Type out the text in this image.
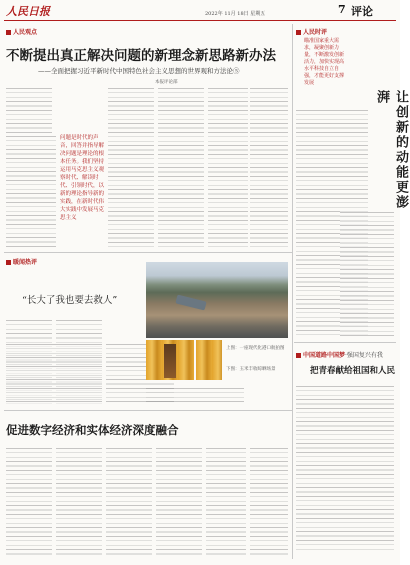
人民日报	2022年 11月 18日 星期五	7 评论
人民观点
不断提出真正解决问题的新理念新思路新办法
——全面把握习近平新时代中国特色社会主义思想的世界观和方法论⑤
本报评论部
问题是时代的声音，回答并指导解决问题是理论的根本任务。我们坚持运用马克思主义观察时代、解读时代、引领时代，以新的理论指导新的实践，在新时代伟大实践中发展马克思主义
人民时评
瞄准国家重大需求，凝聚创新力量，不断激发创新活力，加快实现高水平科技自立自强，才能更好支撑发展
让创新的动能更澎湃
暖闻热评
“长大了我也要去救人”
上图：一座现代化港口航拍图
下图：玉米丰收晾晒场景
促进数字经济和实体经济深度融合
中国道路中国梦·强国复兴有我
把青春献给祖国和人民
